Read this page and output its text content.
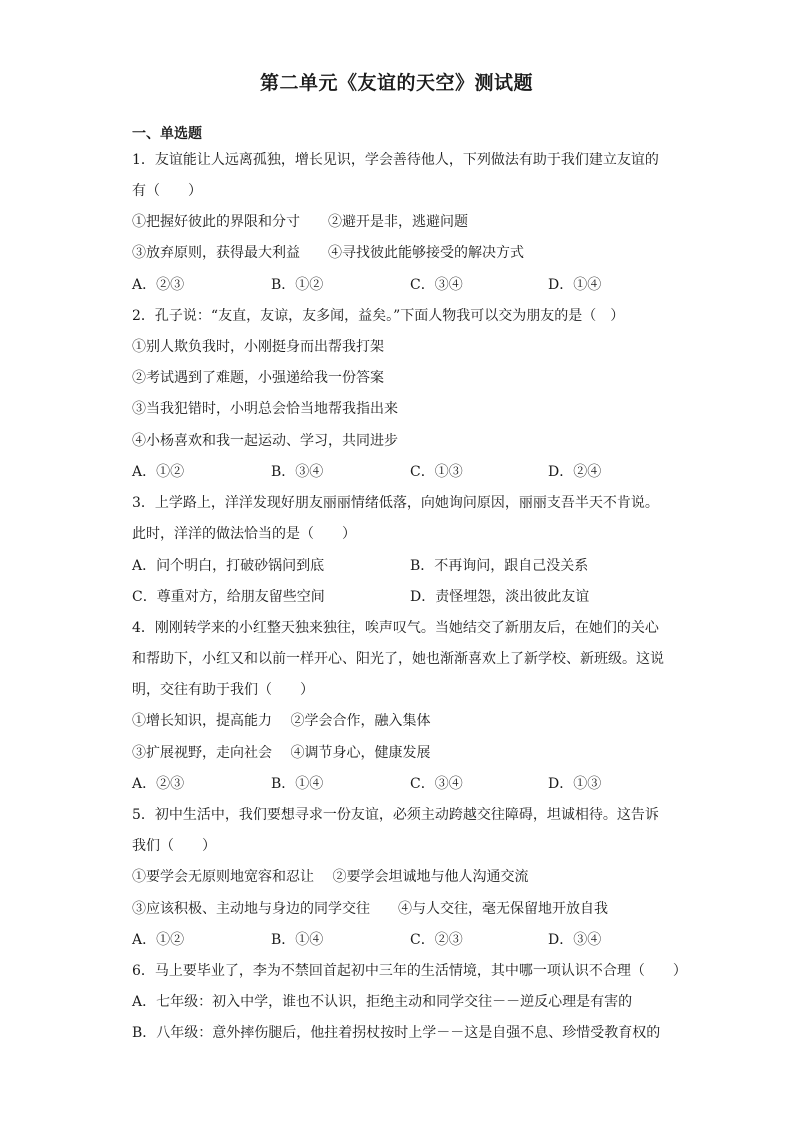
第二单元《友谊的天空》测试题
一、单选题
1．友谊能让人远离孤独，增长见识，学会善待他人，下列做法有助于我们建立友谊的
有（　　）
①把握好彼此的界限和分寸　　②避开是非，逃避问题
③放弃原则，获得最大利益　　④寻找彼此能够接受的解决方式
A．②③	B．①②	C．③④	D．①④
2．孔子说：“友直，友谅，友多闻，益矣。”下面人物我可以交为朋友的是（　）
①别人欺负我时，小刚挺身而出帮我打架
②考试遇到了难题，小强递给我一份答案
③当我犯错时，小明总会恰当地帮我指出来
④小杨喜欢和我一起运动、学习，共同进步
A．①②	B．③④	C．①③	D．②④
3．上学路上，洋洋发现好朋友丽丽情绪低落，向她询问原因，丽丽支吾半天不肯说。
此时，洋洋的做法恰当的是（　　）
A．问个明白，打破砂锅问到底	B．不再询问，跟自己没关系
C．尊重对方，给朋友留些空间	D．责怪埋怨，淡出彼此友谊
4．刚刚转学来的小红整天独来独往，唉声叹气。当她结交了新朋友后，在她们的关心
和帮助下，小红又和以前一样开心、阳光了，她也渐渐喜欢上了新学校、新班级。这说
明，交往有助于我们（　　）
①增长知识，提高能力　 ②学会合作，融入集体
③扩展视野，走向社会　 ④调节身心，健康发展
A．②③	B．①④	C．③④	D．①③
5．初中生活中，我们要想寻求一份友谊，必须主动跨越交往障碍，坦诚相待。这告诉
我们（　　）
①要学会无原则地宽容和忍让　 ②要学会坦诚地与他人沟通交流
③应该积极、主动地与身边的同学交往　　④与人交往，毫无保留地开放自我
A．①②	B．①④	C．②③	D．③④
6．马上要毕业了，李为不禁回首起初中三年的生活情境，其中哪一项认识不合理（　　）
A．七年级：初入中学，谁也不认识，拒绝主动和同学交往－－逆反心理是有害的
B．八年级：意外摔伤腿后，他拄着拐杖按时上学－－这是自强不息、珍惜受教育权的
